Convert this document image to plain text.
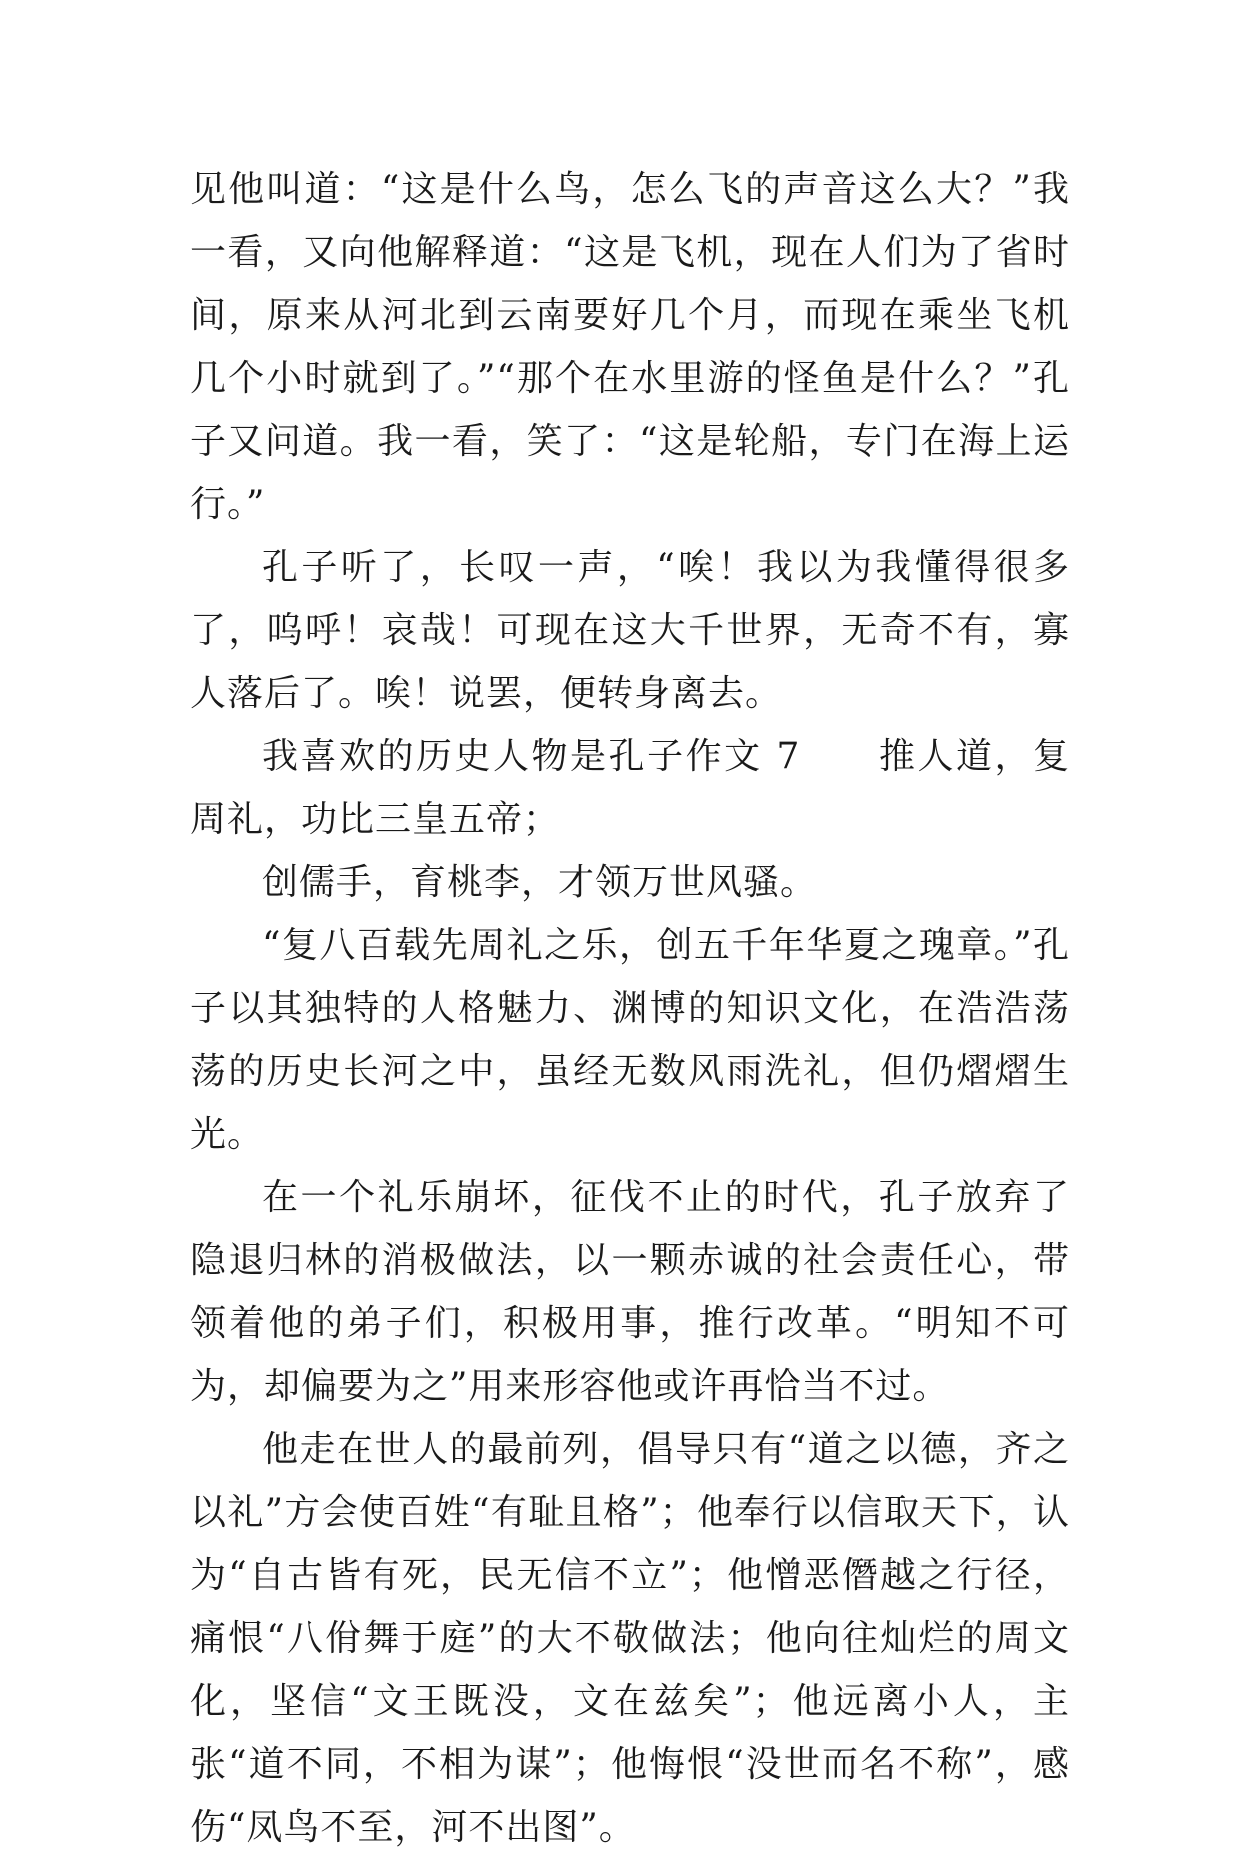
见他叫道：“这是什么鸟，怎么飞的声音这么大？”我一看，又向他解释道：“这是飞机，现在人们为了省时间，原来从河北到云南要好几个月，而现在乘坐飞机几个小时就到了。”“那个在水里游的怪鱼是什么？”孔子又问道。我一看，笑了：“这是轮船，专门在海上运行。”

孔子听了，长叹一声，“唉！我以为我懂得很多了，呜呼！哀哉！可现在这大千世界，无奇不有，寡人落后了。唉！说罢，便转身离去。

我喜欢的历史人物是孔子作文 7　　推人道，复周礼，功比三皇五帝；

创儒手，育桃李，才领万世风骚。

“复八百载先周礼之乐，创五千年华夏之瑰章。”孔子以其独特的人格魅力、渊博的知识文化，在浩浩荡荡的历史长河之中，虽经无数风雨洗礼，但仍熠熠生光。

在一个礼乐崩坏，征伐不止的时代，孔子放弃了隐退归林的消极做法，以一颗赤诚的社会责任心，带领着他的弟子们，积极用事，推行改革。“明知不可为，却偏要为之”用来形容他或许再恰当不过。

他走在世人的最前列，倡导只有“道之以德，齐之以礼”方会使百姓“有耻且格”；他奉行以信取天下，认为“自古皆有死，民无信不立”；他憎恶僭越之行径，痛恨“八佾舞于庭”的大不敬做法；他向往灿烂的周文化，坚信“文王既没，文在兹矣”；他远离小人，主张“道不同，不相为谋”；他悔恨“没世而名不称”，感伤“凤鸟不至，河不出图”。
